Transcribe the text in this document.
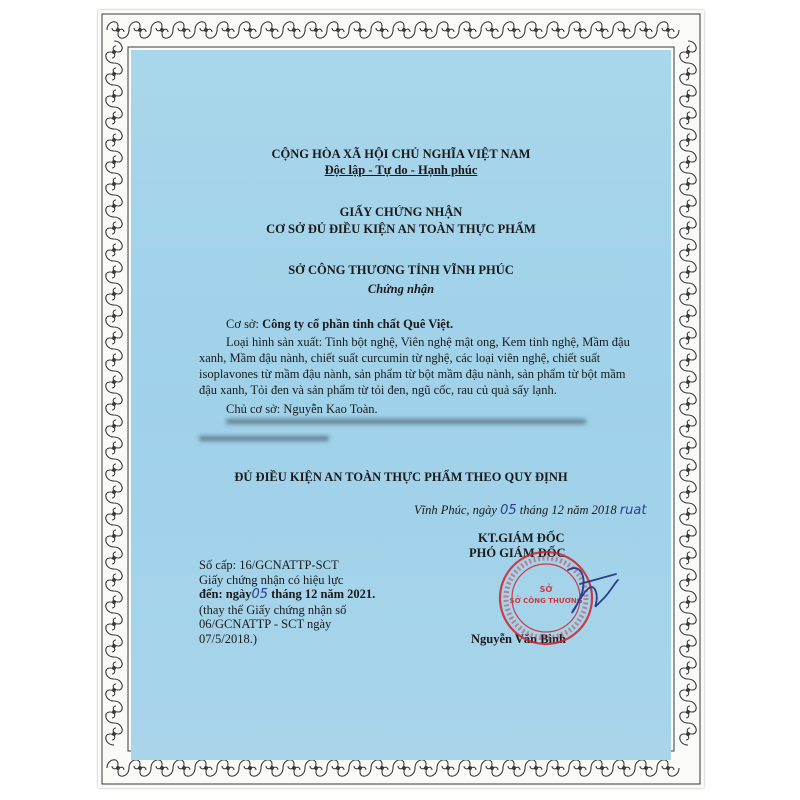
CỘNG HÒA XÃ HỘI CHỦ NGHĨA VIỆT NAM
Độc lập - Tự do - Hạnh phúc
GIẤY CHỨNG NHẬN
CƠ SỞ ĐỦ ĐIỀU KIỆN AN TOÀN THỰC PHẨM
SỞ CÔNG THƯƠNG TỈNH VĨNH PHÚC
Chứng nhận
Cơ sở: Công ty cổ phần tinh chất Quê Việt.
Loại hình sản xuất: Tinh bột nghệ, Viên nghệ mật ong, Kem tinh nghệ, Mầm đậu
xanh, Mầm đậu nành, chiết suất curcumin từ nghệ, các loại viên nghệ, chiết suất
isoplavones từ mầm đậu nành, sản phẩm từ bột mầm đậu nành, sản phẩm từ bột mầm
đậu xanh, Tỏi đen và sản phẩm từ tỏi đen, ngũ cốc, rau củ quả sấy lạnh.
Chủ cơ sở: Nguyễn Kao Toàn.
ĐỦ ĐIỀU KIỆN AN TOÀN THỰC PHẨM THEO QUY ĐỊNH
Vĩnh Phúc, ngày 05 tháng 12 năm 2018 ruat
KT.GIÁM ĐỐC
PHÓ GIÁM ĐỐC
Số cấp: 16/GCNATTP-SCT
Giấy chứng nhận có hiệu lực
đến: ngày05 tháng 12 năm 2021.
(thay thế Giấy chứng nhận số
06/GCNATTP - SCT ngày
07/5/2018.)	Nguyễn Văn Bình
SỞ
SỞ CÔNG THƯƠNG
